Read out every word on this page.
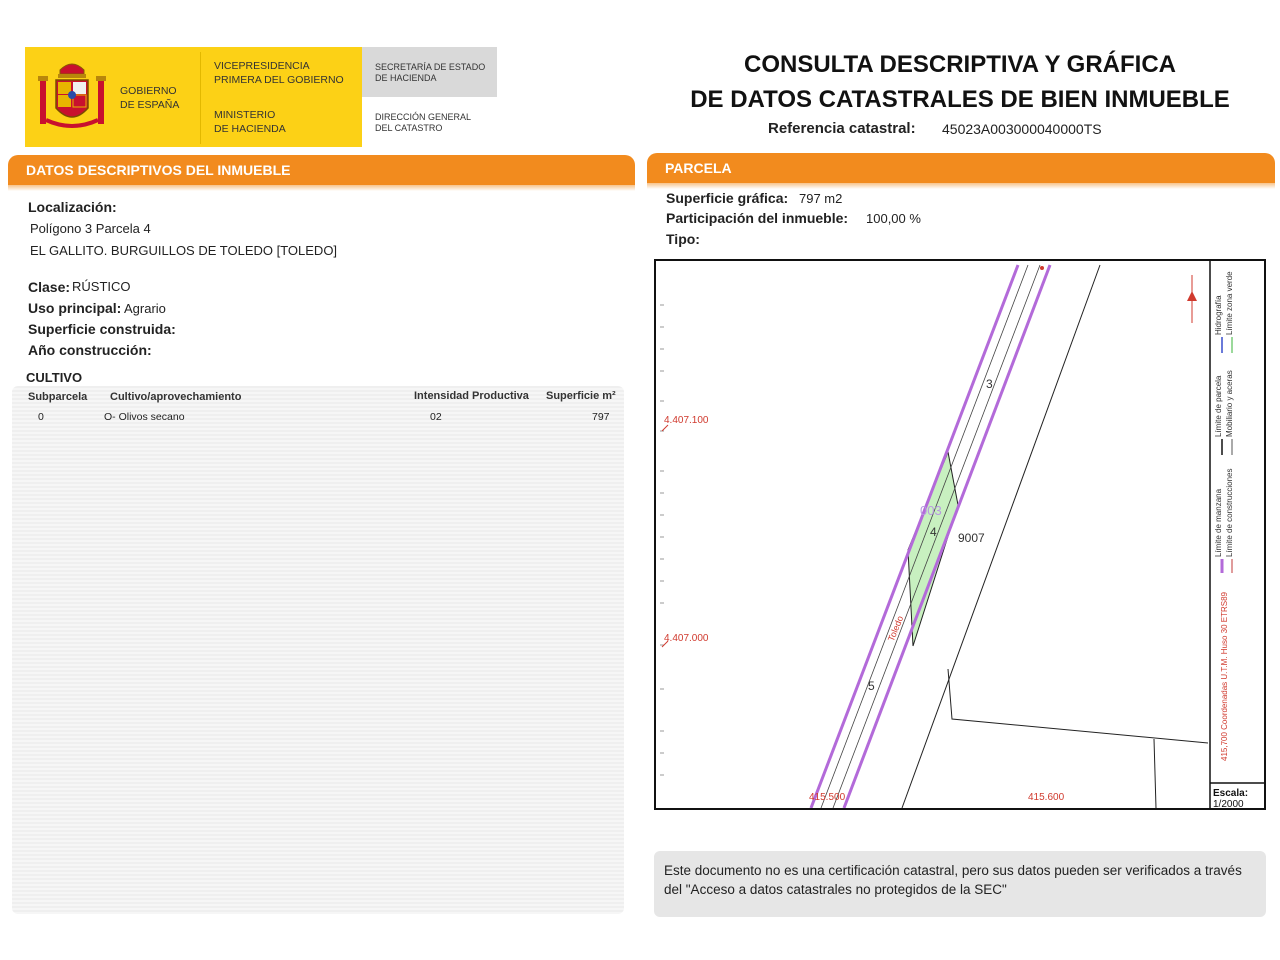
GOBIERNO
DE ESPAÑA
VICEPRESIDENCIA
PRIMERA DEL GOBIERNO
MINISTERIO
DE HACIENDA
SECRETARÍA DE ESTADO
DE HACIENDA
DIRECCIÓN GENERAL
DEL CATASTRO
CONSULTA DESCRIPTIVA Y GRÁFICA
DE DATOS CATASTRALES DE BIEN INMUEBLE
Referencia catastral: 45023A003000040000TS
DATOS DESCRIPTIVOS DEL INMUEBLE
Localización:
Polígono 3 Parcela 4
EL GALLITO. BURGUILLOS DE TOLEDO [TOLEDO]
Clase: RÚSTICO
Uso principal: Agrario
Superficie construida:
Año construcción:
CULTIVO
Subparcela Cultivo/aprovechamiento	Intensidad Productiva Superficie m²
0	O- Olivos secano	02	797
PARCELA
Superficie gráfica: 797 m2
Participación del inmueble: 100,00 %
Tipo:
4.407.100
4.407.000
415.500	415.600
3
4
5
003
9007
Toledo
Límite de manzana
Límite de parcela
Hidrografía
Límite de construcciones
Mobiliario y aceras
Límite zona verde
415,700 Coordenadas U.T.M. Huso 30 ETRS89
Escala:
1/2000
Este documento no es una certificación catastral, pero sus datos pueden ser verificados a través del "Acceso a datos catastrales no protegidos de la SEC"
